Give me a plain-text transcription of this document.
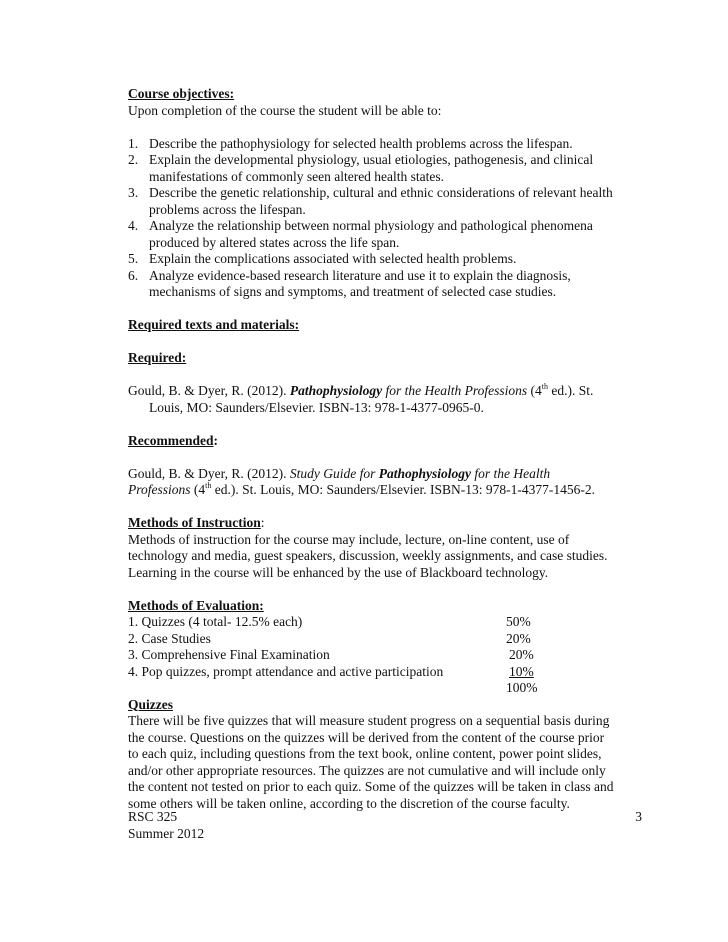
Course objectives:
Upon completion of the course the student will be able to:
1. Describe the pathophysiology for selected health problems across the lifespan.
2. Explain the developmental physiology, usual etiologies, pathogenesis, and clinical
manifestations of commonly seen altered health states.
3. Describe the genetic relationship, cultural and ethnic considerations of relevant health
problems across the lifespan.
4. Analyze the relationship between normal physiology and pathological phenomena
produced by altered states across the life span.
5. Explain the complications associated with selected health problems.
6. Analyze evidence-based research literature and use it to explain the diagnosis,
mechanisms of signs and symptoms, and treatment of selected case studies.
Required texts and materials:
Required:
Gould, B. & Dyer, R. (2012). Pathophysiology for the Health Professions (4th ed.). St.
Louis, MO: Saunders/Elsevier. ISBN-13: 978-1-4377-0965-0.
Recommended:
Gould, B. & Dyer, R. (2012). Study Guide for Pathophysiology for the Health
Professions (4th ed.). St. Louis, MO: Saunders/Elsevier. ISBN-13: 978-1-4377-1456-2.
Methods of Instruction:
Methods of instruction for the course may include, lecture, on-line content, use of
technology and media, guest speakers, discussion, weekly assignments, and case studies.
Learning in the course will be enhanced by the use of Blackboard technology.
Methods of Evaluation:
1. Quizzes (4 total- 12.5% each)	50%
2. Case Studies	20%
3. Comprehensive Final Examination	20%
4. Pop quizzes, prompt attendance and active participation	10%
100%
Quizzes
There will be five quizzes that will measure student progress on a sequential basis during
the course. Questions on the quizzes will be derived from the content of the course prior
to each quiz, including questions from the text book, online content, power point slides,
and/or other appropriate resources. The quizzes are not cumulative and will include only
the content not tested on prior to each quiz. Some of the quizzes will be taken in class and
some others will be taken online, according to the discretion of the course faculty.
RSC 325	3
Summer 2012
